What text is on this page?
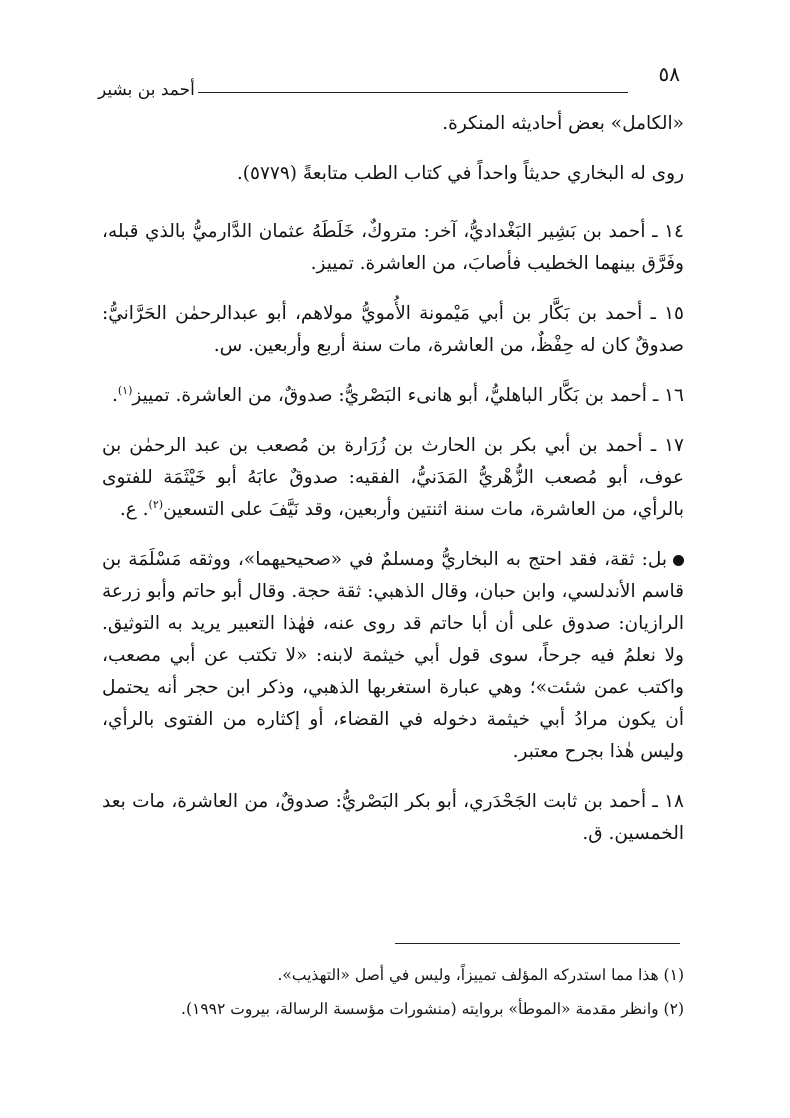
٥٨
أحمد بن بشير

«الكامل» بعض أحاديثه المنكرة.

روى له البخاري حديثاً واحداً في كتاب الطب متابعةً (٥٧٧٩).

١٤ ـ أحمد بن بَشِير البَغْداديُّ، آخر: متروكٌ، خَلَطَهُ عثمان الدَّارميُّ بالذي قبله، وفَرَّق بينهما الخطيب فأصابَ، من العاشرة. تمييز.

١٥ ـ أحمد بن بَكَّار بن أبي مَيْمونة الأُمويُّ مولاهم، أبو عبدالرحمٰن الحَرَّانيُّ: صدوقٌ كان له حِفْظٌ، من العاشرة، مات سنة أربع وأربعين. س.

١٦ ـ أحمد بن بَكَّار الباهليُّ، أبو هانىء البَصْريُّ: صدوقٌ، من العاشرة. تمييز$^{(١)}$.

١٧ ـ أحمد بن أبي بكر بن الحارث بن زُرَارة بن مُصعب بن عبد الرحمٰن بن عوف، أبو مُصعب الزُّهْريُّ المَدَنيُّ، الفقيه: صدوقٌ عابَهُ أبو خَيْثَمَة للفتوى بالرأي، من العاشرة، مات سنة اثنتين وأربعين، وقد نَيَّفَ على التسعين$^{(٢)}$. ع.

بل: ثقة، فقد احتج به البخاريُّ ومسلمٌ في «صحيحيهما»، ووثقه مَسْلَمَة بن قاسم الأندلسي، وابن حبان، وقال الذهبي: ثقة حجة. وقال أبو حاتم وأبو زرعة الرازيان: صدوق على أن أبا حاتم قد روى عنه، فهٰذا التعبير يريد به التوثيق. ولا نعلمُ فيه جرحاً، سوى قول أبي خيثمة لابنه: «لا تكتب عن أبي مصعب، واكتب عمن شئت»؛ وهي عبارة استغربها الذهبي، وذكر ابن حجر أنه يحتمل أن يكون مرادُ أبي خيثمة دخوله في القضاء، أو إكثاره من الفتوى بالرأي، وليس هٰذا بجرح معتبر.

١٨ ـ أحمد بن ثابت الجَحْدَري، أبو بكر البَصْريُّ: صدوقٌ، من العاشرة، مات بعد الخمسين. ق.

(١) هذا مما استدركه المؤلف تمييزاً، وليس في أصل «التهذيب».

(٢) وانظر مقدمة «الموطأ» بروايته (منشورات مؤسسة الرسالة، بيروت ١٩٩٢).
